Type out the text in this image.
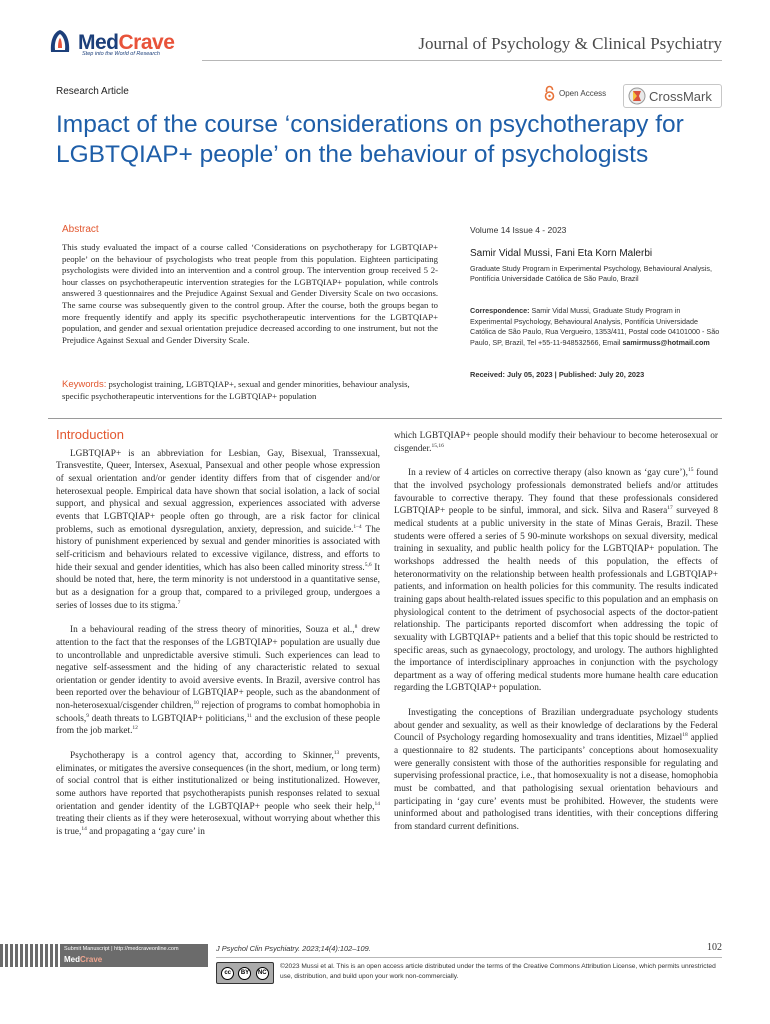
MedCrave
Step into the World of Research
Journal of Psychology & Clinical Psychiatry
Research Article	Open Access	CrossMark
Impact of the course ‘considerations on psychotherapy for LGBTQIAP+ people’ on the behaviour of psychologists
Abstract
This study evaluated the impact of a course called ‘Considerations on psychotherapy for LGBTQIAP+ people’ on the behaviour of psychologists who treat people from this population. Eighteen participating psychologists were divided into an intervention and a control group. The intervention group received 5 2-hour classes on psychotherapeutic intervention strategies for the LGBTQIAP+ population, while controls answered 3 questionnaires and the Prejudice Against Sexual and Gender Diversity Scale on two occasions. The same course was subsequently given to the control group. After the course, both the groups began to more frequently identify and apply its specific psychotherapeutic interventions for the LGBTQIAP+ population, and gender and sexual orientation prejudice decreased according to one instrument, but not the Prejudice Against Sexual and Gender Diversity Scale.
Keywords: psychologist training, LGBTQIAP+, sexual and gender minorities, behaviour analysis, specific psychotherapeutic interventions for the LGBTQIAP+ population
Volume 14 Issue 4 - 2023
Samir Vidal Mussi, Fani Eta Korn Malerbi
Graduate Study Program in Experimental Psychology, Behavioural Analysis, Pontifícia Universidade Católica de São Paulo, Brazil
Correspondence: Samir Vidal Mussi, Graduate Study Program in Experimental Psychology, Behavioural Analysis, Pontifícia Universidade Católica de São Paulo, Rua Vergueiro, 1353/411, Postal code 04101000 - São Paulo, SP, Brazil, Tel +55-11-948532566, Email samirmuss@hotmail.com
Received: July 05, 2023 | Published: July 20, 2023
Introduction

LGBTQIAP+ is an abbreviation for Lesbian, Gay, Bisexual, Transsexual, Transvestite, Queer, Intersex, Asexual, Pansexual and other people whose expression of sexual orientation and/or gender identity differs from that of cisgender and/or heterosexual people. Empirical data have shown that social isolation, a lack of social support, and physical and sexual aggression, experiences associated with adverse events that LGBTQIAP+ people often go through, are a risk factor for clinical problems, such as emotional dysregulation, anxiety, depression, and suicide.$^{1-4}$ The history of punishment experienced by sexual and gender minorities is associated with self-criticism and behaviours related to excessive vigilance, distress, and efforts to hide their sexual and gender identities, which has also been called minority stress.$^{5,6}$ It should be noted that, here, the term minority is not understood in a quantitative sense, but as a designation for a group that, compared to a privileged group, undergoes a series of losses due to its stigma.$^7$

In a behavioural reading of the stress theory of minorities, Souza et al.,$^8$ drew attention to the fact that the responses of the LGBTQIAP+ population are usually due to uncontrollable and unpredictable aversive stimuli. Such experiences can lead to negative self-assessment and the hiding of any characteristic related to sexual orientation or gender identity to avoid aversive events. In Brazil, aversive control has been reported over the behaviour of LGBTQIAP+ people, such as the abandonment of non-heterosexual/cisgender children,$^{10}$ rejection of programs to combat homophobia in schools,$^9$ death threats to LGBTQIAP+ politicians,$^{11}$ and the exclusion of these people from the job market.$^{12}$

Psychotherapy is a control agency that, according to Skinner,$^{13}$ prevents, eliminates, or mitigates the aversive consequences (in the short, medium, or long term) of social control that is either institutionalized or being institutionalized. However, some authors have reported that psychotherapists punish responses related to sexual orientation and gender identity of the LGBTQIAP+ people who seek their help,$^{14}$ treating their clients as if they were heterosexual, without worrying about whether this is true,$^{14}$ and propagating a ‘gay cure’ in

which LGBTQIAP+ people should modify their behaviour to become heterosexual or cisgender.$^{15,16}$

In a review of 4 articles on corrective therapy (also known as ‘gay cure’),$^{15}$ found that the involved psychology professionals demonstrated beliefs and/or attitudes favourable to corrective therapy. They found that these professionals considered LGBTQIAP+ people to be sinful, immoral, and sick. Silva and Rasera$^{17}$ surveyed 8 medical students at a public university in the state of Minas Gerais, Brazil. These students were offered a series of 5 90-minute workshops on sexual diversity, medical training in sexuality, and public health policy for the LGBTQIAP+ population. The workshops addressed the health needs of this population, the effects of heteronormativity on the relationship between health professionals and LGBTQIAP+ patients, and information on health policies for this community. The results indicated training gaps about health-related issues specific to this population and an emphasis on physiological content to the detriment of psychosocial aspects of the doctor-patient relationship. The participants reported discomfort when addressing the topic of sexuality with LGBTQIAP+ patients and a belief that this topic should be restricted to specific areas, such as gynaecology, proctology, and urology. The authors highlighted the importance of interdisciplinary approaches in conjunction with the psychology department as a way of offering medical students more humane health care education regarding the LGBTQIAP+ population.

Investigating the conceptions of Brazilian undergraduate psychology students about gender and sexuality, as well as their knowledge of declarations by the Federal Council of Psychology regarding homosexuality and trans identities, Mizael$^{18}$ applied a questionnaire to 82 students. The participants’ conceptions about homosexuality were generally consistent with those of the authorities responsible for regulating and supervising professional practice, i.e., that homosexuality is not a disease, homophobia must be combatted, and that pathologising sexual orientation behaviours and participating in ‘gay cure’ events must be prohibited. However, the students were uninformed about and pathologised trans identities, with their conceptions differing from standard current definitions.

Submit Manuscript | http://medcraveonline.com
MedCrave
J Psychol Clin Psychiatry. 2023;14(4):102‒109.	102
cc	BY	NC
©2023 Mussi et al. This is an open access article distributed under the terms of the Creative Commons Attribution License, which permits unrestricted use, distribution, and build upon your work non-commercially.
